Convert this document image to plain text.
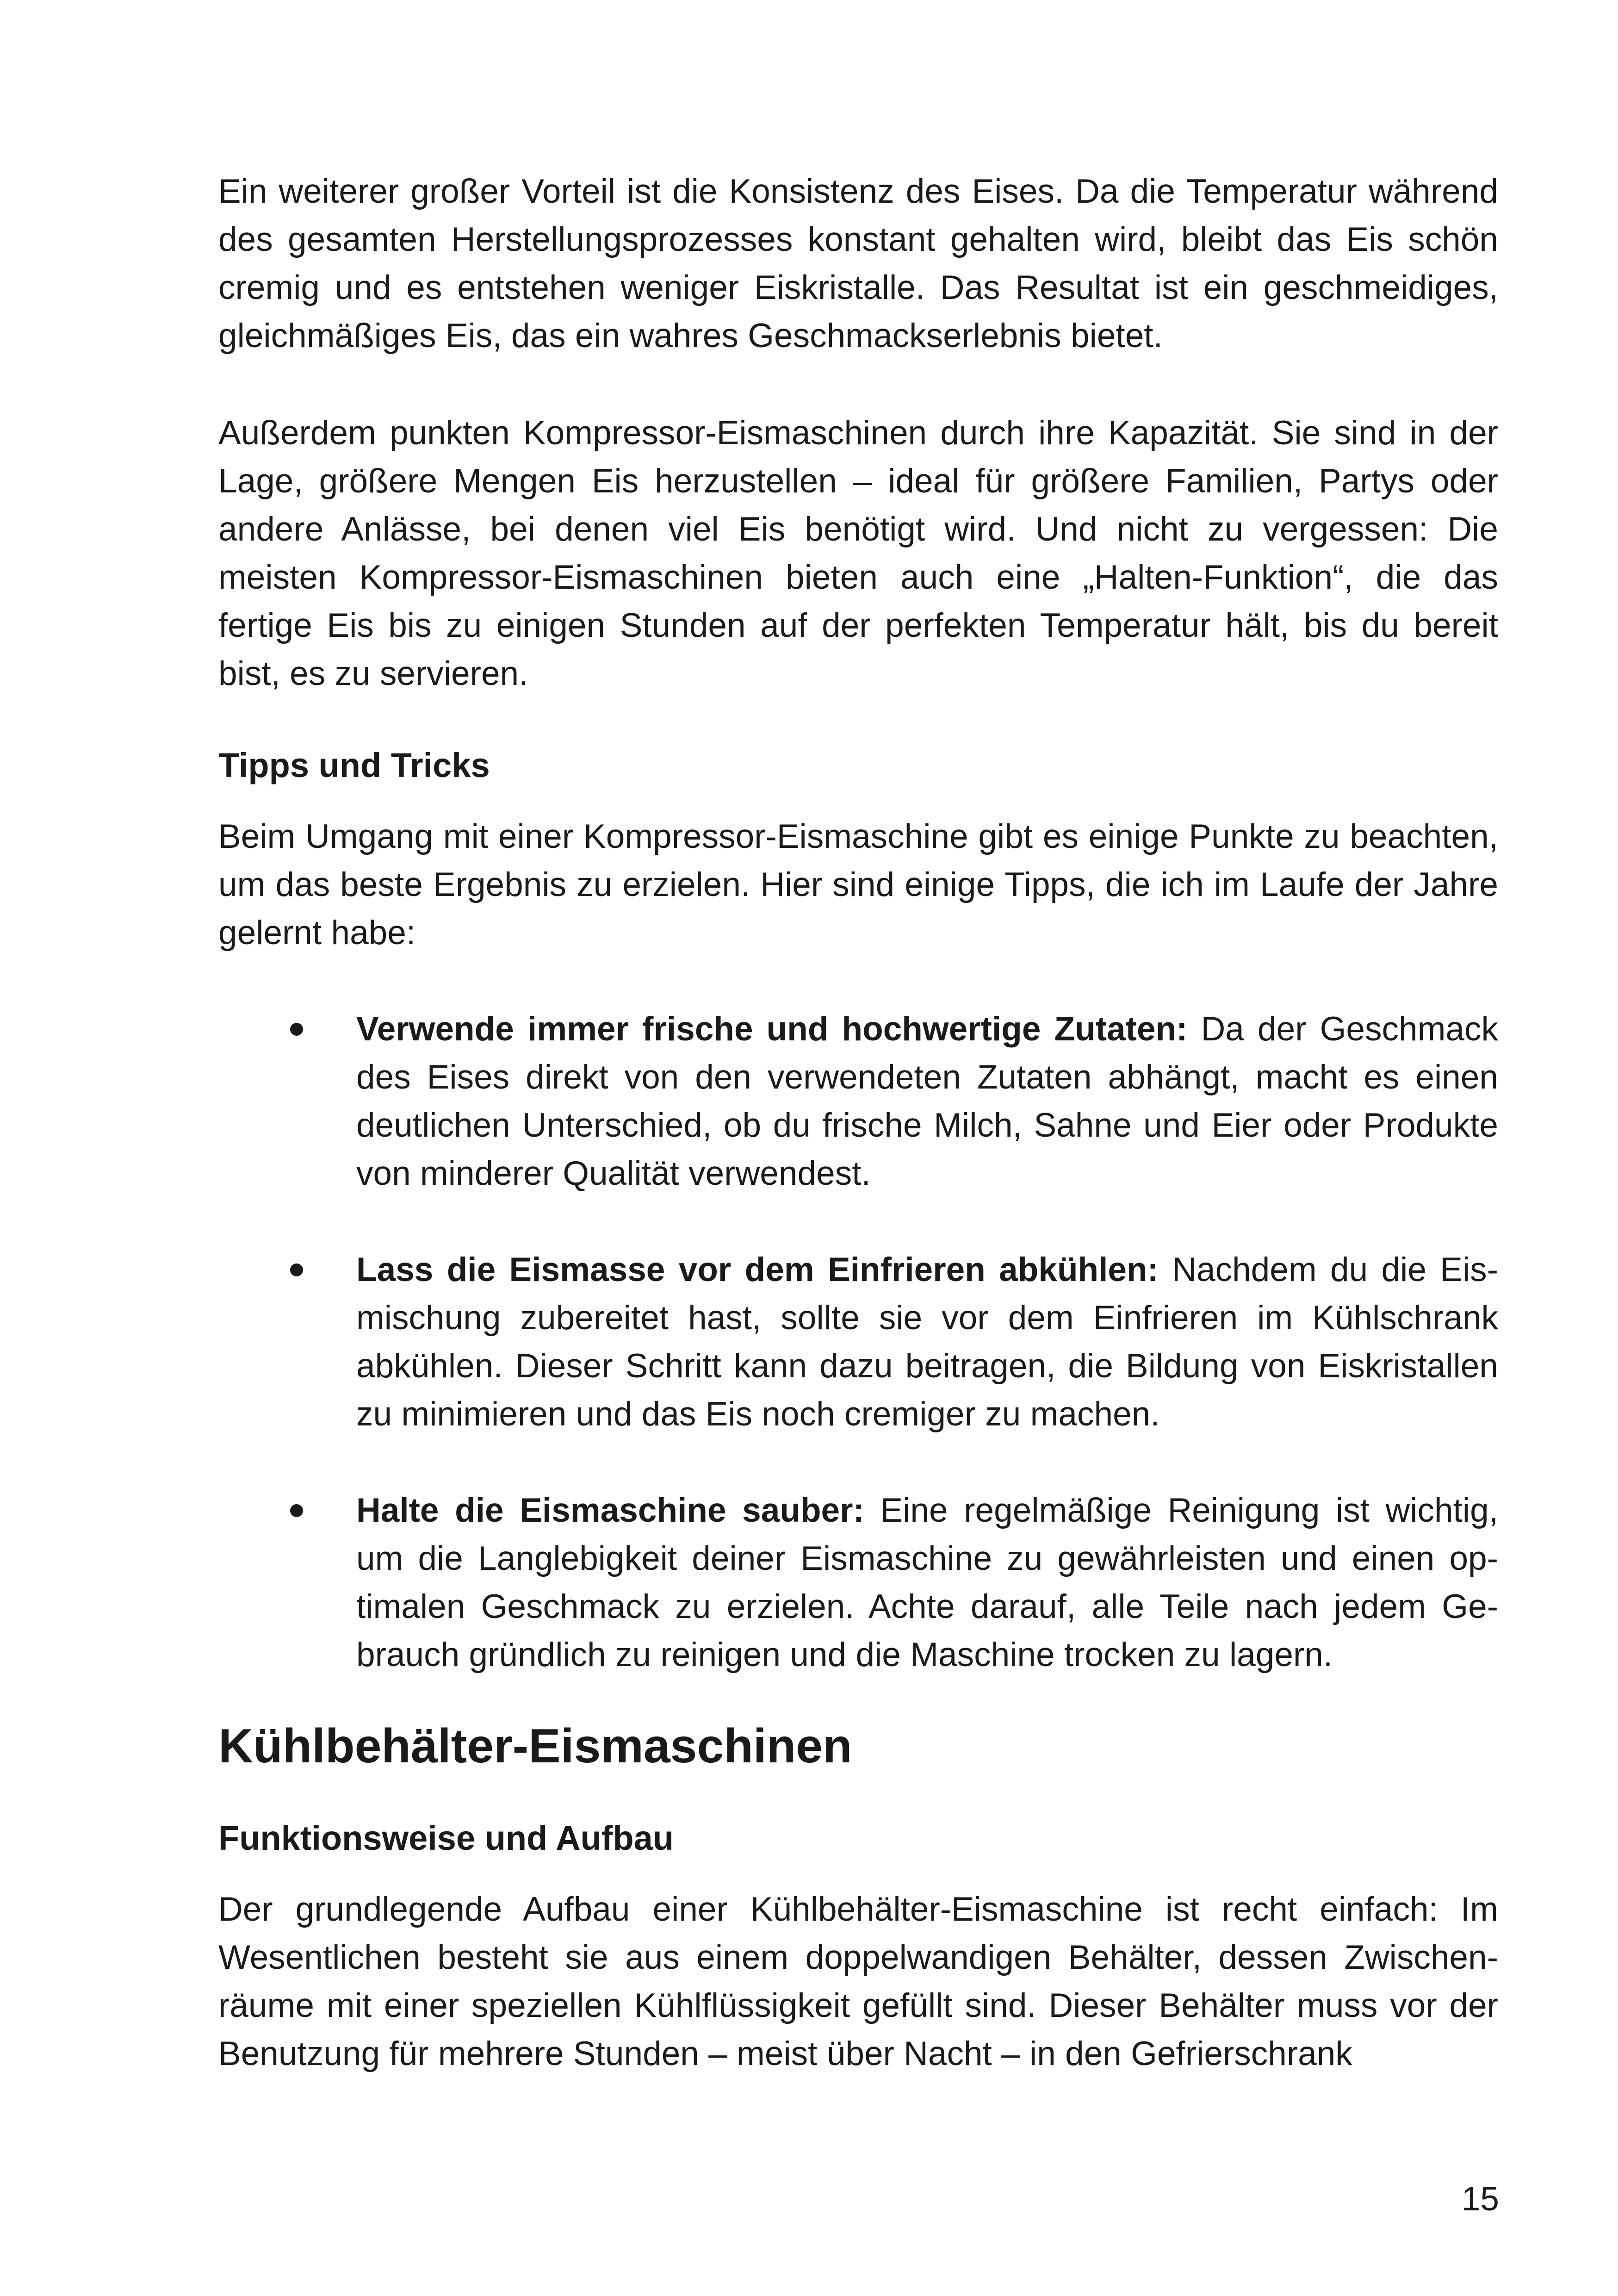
Ein weiterer großer Vorteil ist die Konsistenz des Eises. Da die Temperatur während des gesamten Herstellungsprozesses konstant gehalten wird, bleibt das Eis schön cremig und es entstehen weniger Eiskristalle. Das Resultat ist ein geschmeidiges, gleichmäßiges Eis, das ein wahres Geschmackserlebnis bietet.

Außerdem punkten Kompressor-Eismaschinen durch ihre Kapazität. Sie sind in der Lage, größere Mengen Eis herzustellen – ideal für größere Familien, Partys oder andere Anlässe, bei denen viel Eis benötigt wird. Und nicht zu vergessen: Die meisten Kompressor-Eismaschinen bieten auch eine „Halten-Funktion“, die das fertige Eis bis zu einigen Stunden auf der perfekten Temperatur hält, bis du bereit bist, es zu servieren.

Tipps und Tricks

Beim Umgang mit einer Kompressor-Eismaschine gibt es einige Punkte zu beachten, um das beste Ergebnis zu erzielen. Hier sind einige Tipps, die ich im Laufe der Jahre gelernt habe:

Verwende immer frische und hochwertige Zutaten: Da der Geschmack des Eises direkt von den verwendeten Zutaten abhängt, macht es einen deutlichen Unterschied, ob du frische Milch, Sahne und Eier oder Produkte von minderer Qualität verwendest.

Lass die Eismasse vor dem Einfrieren abkühlen: Nachdem du die Eismischung zubereitet hast, sollte sie vor dem Einfrieren im Kühlschrank abkühlen. Dieser Schritt kann dazu beitragen, die Bildung von Eiskristallen zu minimieren und das Eis noch cremiger zu machen.

Halte die Eismaschine sauber: Eine regelmäßige Reinigung ist wichtig, um die Langlebigkeit deiner Eismaschine zu gewährleisten und einen optimalen Geschmack zu erzielen. Achte darauf, alle Teile nach jedem Gebrauch gründlich zu reinigen und die Maschine trocken zu lagern.

Kühlbehälter-Eismaschinen
Funktionsweise und Aufbau

Der grundlegende Aufbau einer Kühlbehälter-Eismaschine ist recht einfach: Im Wesentlichen besteht sie aus einem doppelwandigen Behälter, dessen Zwischenräume mit einer speziellen Kühlflüssigkeit gefüllt sind. Dieser Behälter muss vor der Benutzung für mehrere Stunden – meist über Nacht – in den Gefrierschrank

15
